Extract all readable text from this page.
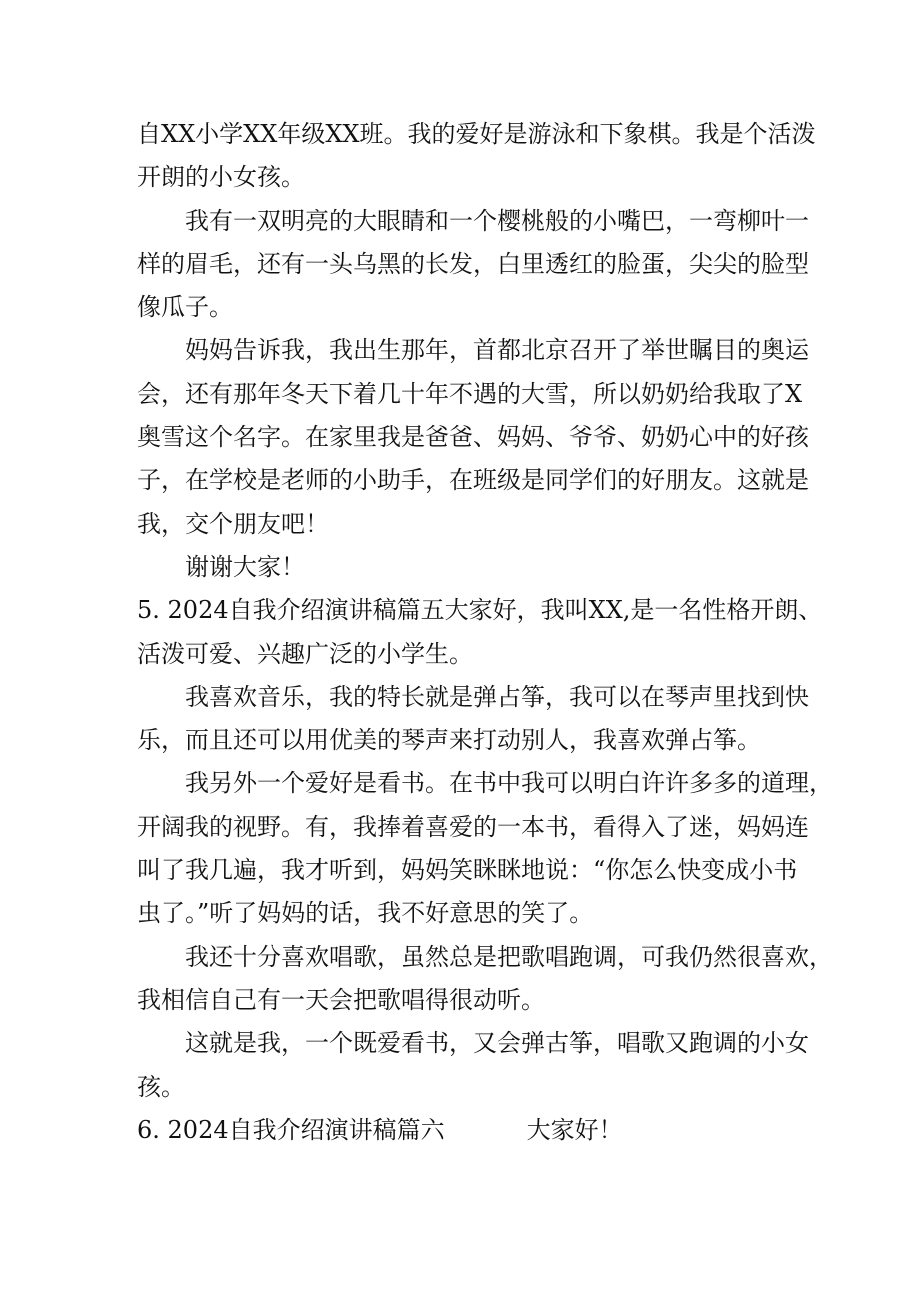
自XX小学XX年级XX班。我的爱好是游泳和下象棋。我是个活泼
开朗的小女孩。
我有一双明亮的大眼睛和一个樱桃般的小嘴巴，一弯柳叶一
样的眉毛，还有一头乌黑的长发，白里透红的脸蛋，尖尖的脸型
像瓜子。
妈妈告诉我，我出生那年，首都北京召开了举世瞩目的奥运
会，还有那年冬天下着几十年不遇的大雪，所以奶奶给我取了X
奥雪这个名字。在家里我是爸爸、妈妈、爷爷、奶奶心中的好孩
子，在学校是老师的小助手，在班级是同学们的好朋友。这就是
我，交个朋友吧！
谢谢大家！
5. 2024自我介绍演讲稿篇五大家好，我叫XX,是一名性格开朗、
活泼可爱、兴趣广泛的小学生。
我喜欢音乐，我的特长就是弹占筝，我可以在琴声里找到快
乐，而且还可以用优美的琴声来打动别人，我喜欢弹占筝。
我另外一个爱好是看书。在书中我可以明白许许多多的道理，
开阔我的视野。有，我捧着喜爱的一本书，看得入了迷，妈妈连
叫了我几遍，我才听到，妈妈笑眯眯地说：“你怎么快变成小书
虫了。”听了妈妈的话，我不好意思的笑了。
我还十分喜欢唱歌，虽然总是把歌唱跑调，可我仍然很喜欢，
我相信自己有一天会把歌唱得很动听。
这就是我，一个既爱看书，又会弹古筝，唱歌又跑调的小女
孩。
6. 2024自我介绍演讲稿篇六	大家好！
